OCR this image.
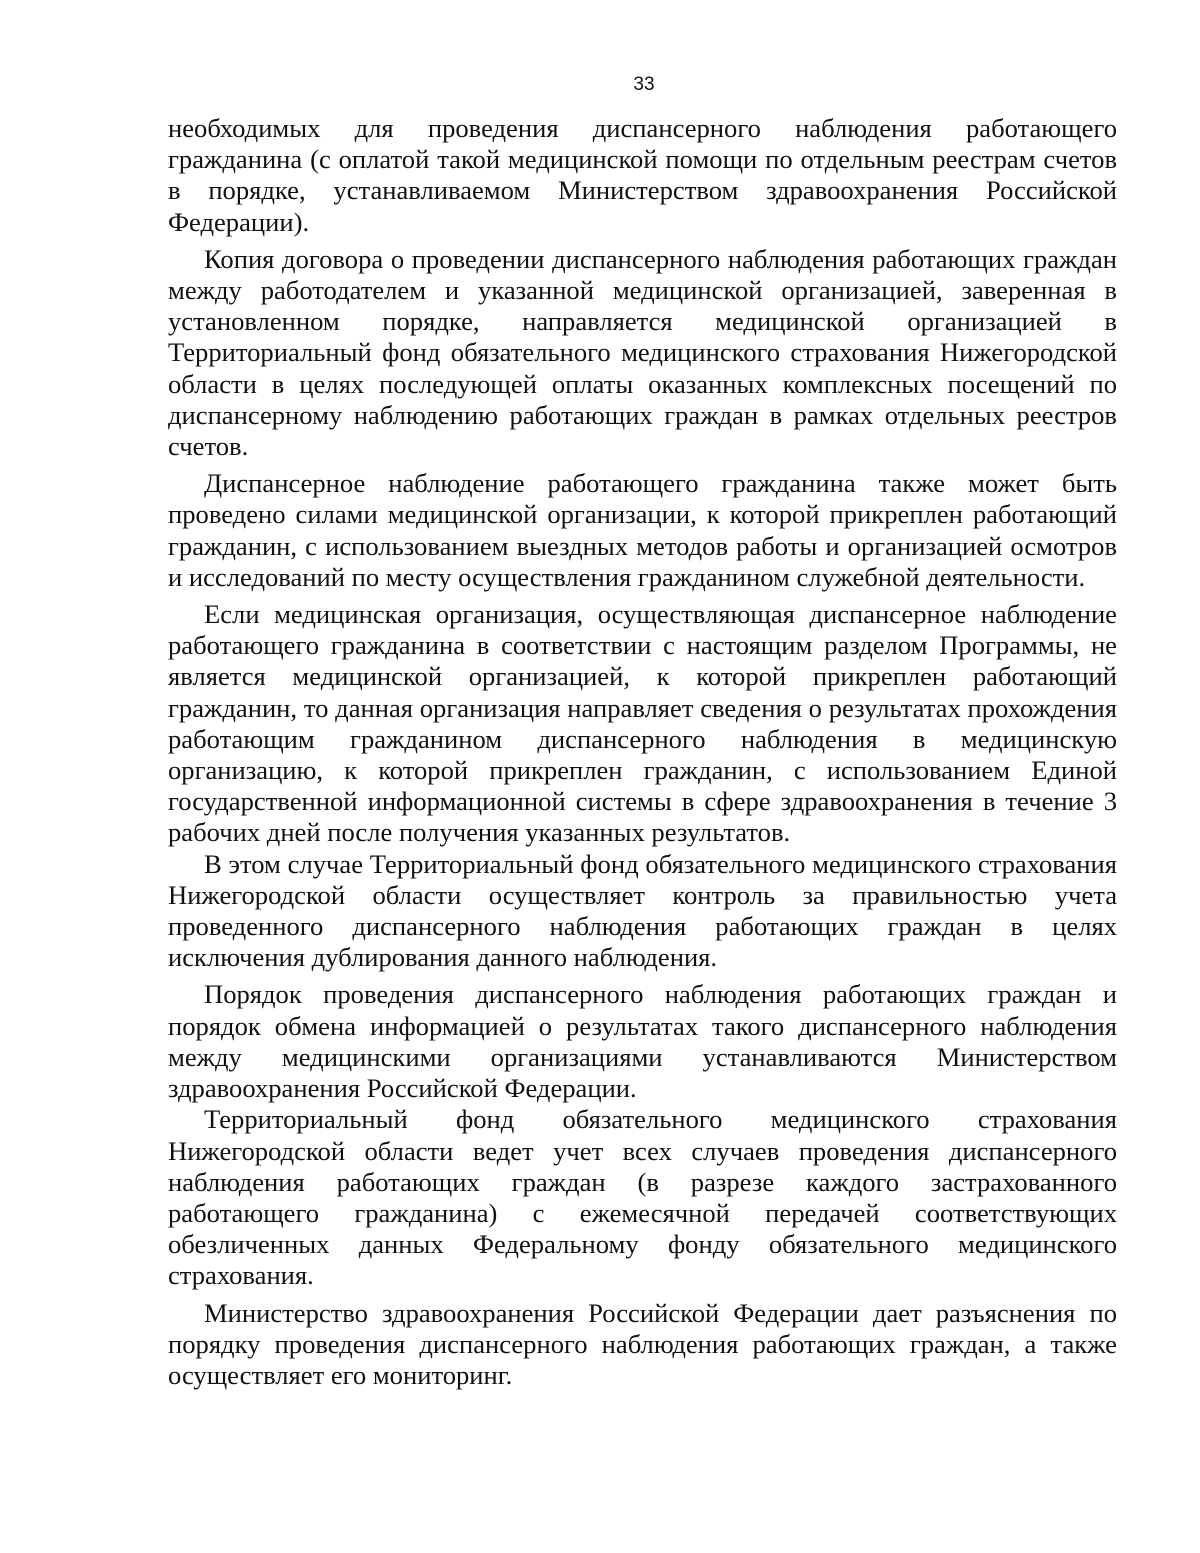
33

необходимых для проведения диспансерного наблюдения работающего гражданина (с оплатой такой медицинской помощи по отдельным реестрам счетов в порядке, устанавливаемом Министерством здравоохранения Российской Федерации).

Копия договора о проведении диспансерного наблюдения работающих граждан между работодателем и указанной медицинской организацией, заверенная в установленном порядке, направляется медицинской организацией в Территориальный фонд обязательного медицинского страхования Нижегородской области в целях последующей оплаты оказанных комплексных посещений по диспансерному наблюдению работающих граждан в рамках отдельных реестров счетов.

Диспансерное наблюдение работающего гражданина также может быть проведено силами медицинской организации, к которой прикреплен работающий гражданин, с использованием выездных методов работы и организацией осмотров и исследований по месту осуществления гражданином служебной деятельности.

Если медицинская организация, осуществляющая диспансерное наблюдение работающего гражданина в соответствии с настоящим разделом Программы, не является медицинской организацией, к которой прикреплен работающий гражданин, то данная организация направляет сведения о результатах прохождения работающим гражданином диспансерного наблюдения в медицинскую организацию, к которой прикреплен гражданин, с использованием Единой государственной информационной системы в сфере здравоохранения в течение 3 рабочих дней после получения указанных результатов.

В этом случае Территориальный фонд обязательного медицинского страхования Нижегородской области осуществляет контроль за правильностью учета проведенного диспансерного наблюдения работающих граждан в целях исключения дублирования данного наблюдения.

Порядок проведения диспансерного наблюдения работающих граждан и порядок обмена информацией о результатах такого диспансерного наблюдения между медицинскими организациями устанавливаются Министерством здравоохранения Российской Федерации.

Территориальный фонд обязательного медицинского страхования Нижегородской области ведет учет всех случаев проведения диспансерного наблюдения работающих граждан (в разрезе каждого застрахованного работающего гражданина) с ежемесячной передачей соответствующих обезличенных данных Федеральному фонду обязательного медицинского страхования.

Министерство здравоохранения Российской Федерации дает разъяснения по порядку проведения диспансерного наблюдения работающих граждан, а также осуществляет его мониторинг.
